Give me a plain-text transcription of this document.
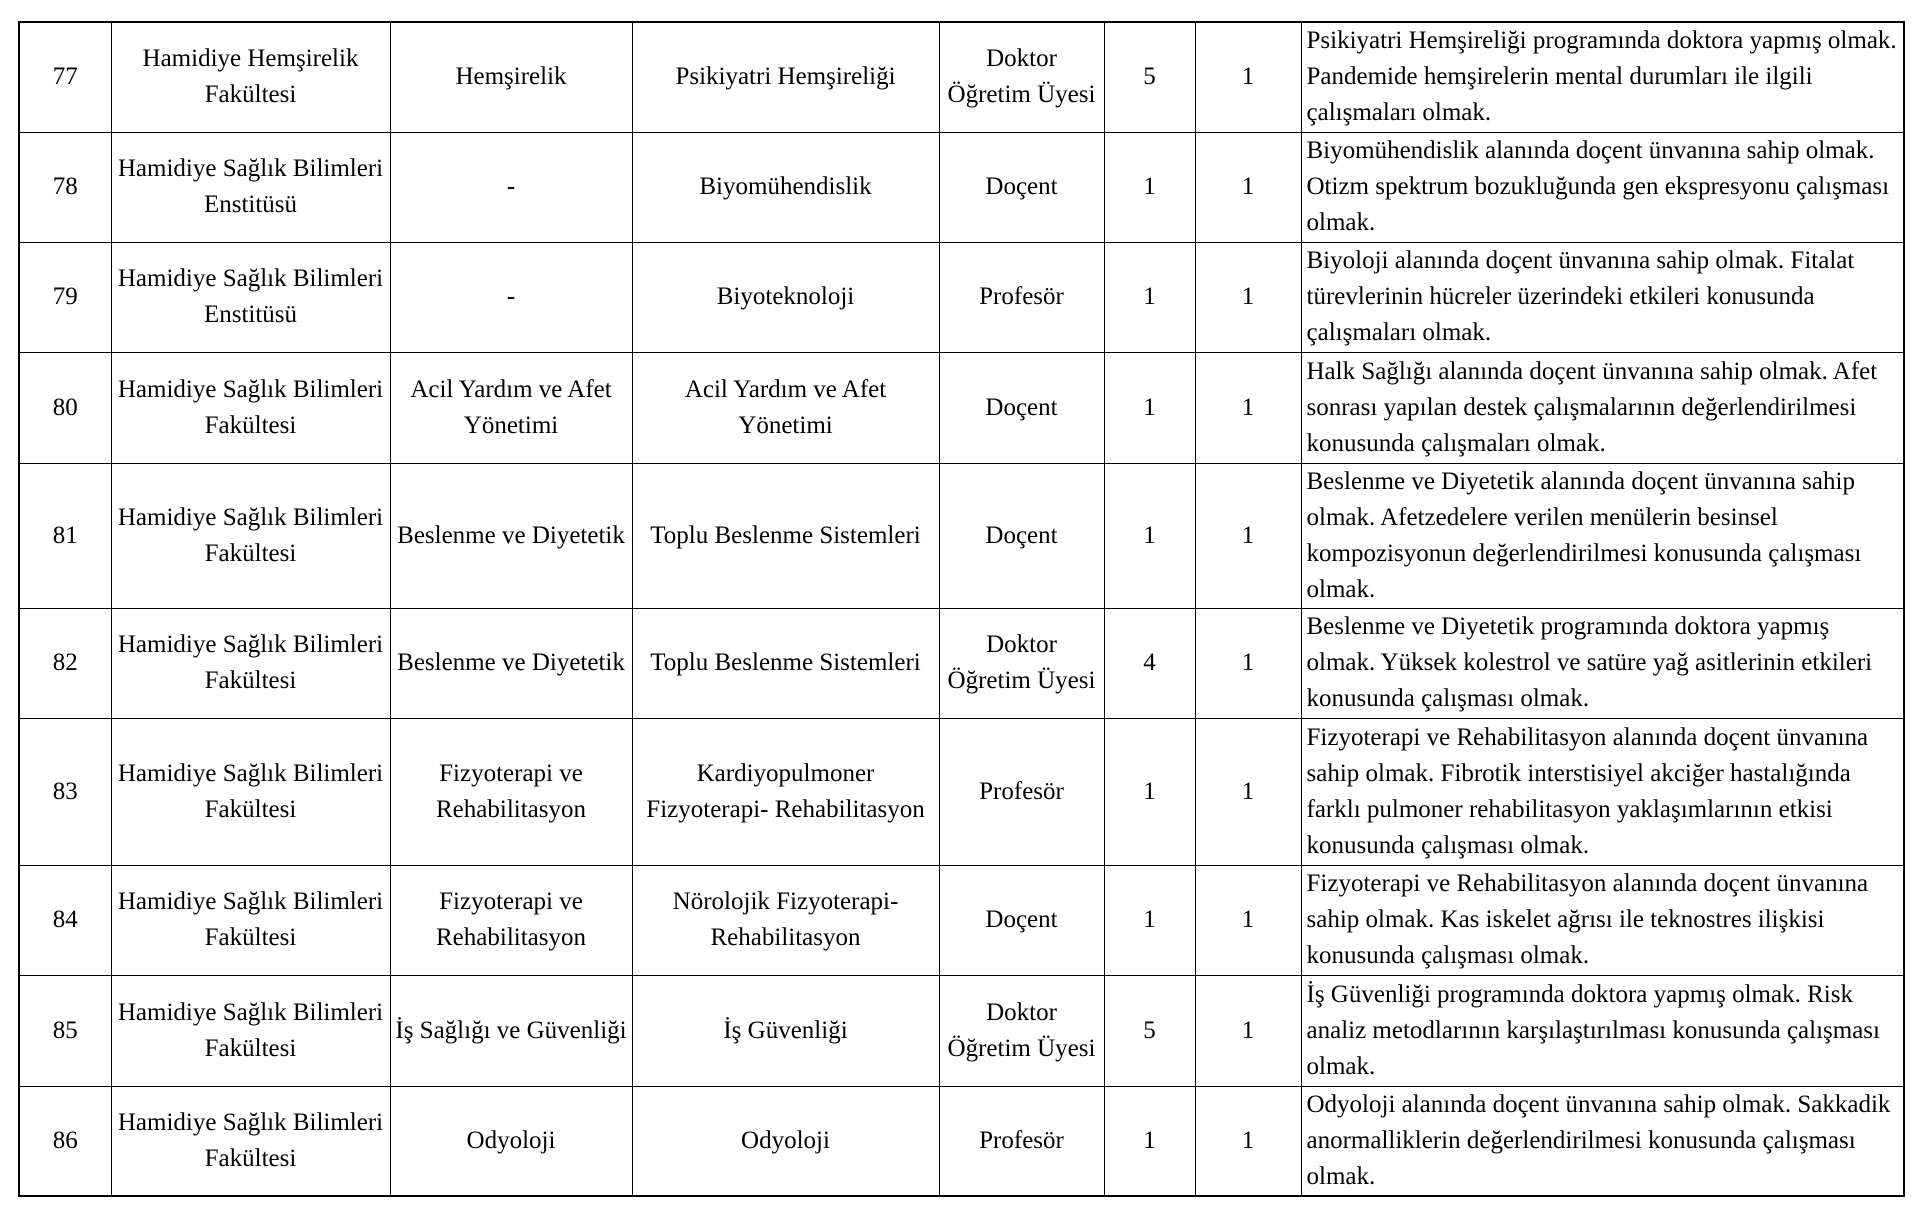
77	Hamidiye Hemşirelik Fakültesi	Hemşirelik	Psikiyatri Hemşireliği	Doktor Öğretim Üyesi	5	1	Psikiyatri Hemşireliği programında doktora yapmış olmak. Pandemide hemşirelerin mental durumları ile ilgili çalışmaları olmak.
78	Hamidiye Sağlık Bilimleri Enstitüsü	-	Biyomühendislik	Doçent	1	1	Biyomühendislik alanında doçent ünvanına sahip olmak. Otizm spektrum bozukluğunda gen ekspresyonu çalışması olmak.
79	Hamidiye Sağlık Bilimleri Enstitüsü	-	Biyoteknoloji	Profesör	1	1	Biyoloji alanında doçent ünvanına sahip olmak. Fitalat türevlerinin hücreler üzerindeki etkileri konusunda çalışmaları olmak.
80	Hamidiye Sağlık Bilimleri Fakültesi	Acil Yardım ve Afet Yönetimi	Acil Yardım ve Afet Yönetimi	Doçent	1	1	Halk Sağlığı alanında doçent ünvanına sahip olmak. Afet sonrası yapılan destek çalışmalarının değerlendirilmesi konusunda çalışmaları olmak.
81	Hamidiye Sağlık Bilimleri Fakültesi	Beslenme ve Diyetetik	Toplu Beslenme Sistemleri	Doçent	1	1	Beslenme ve Diyetetik alanında doçent ünvanına sahip olmak. Afetzedelere verilen menülerin besinsel kompozisyonun değerlendirilmesi konusunda çalışması olmak.
82	Hamidiye Sağlık Bilimleri Fakültesi	Beslenme ve Diyetetik	Toplu Beslenme Sistemleri	Doktor Öğretim Üyesi	4	1	Beslenme ve Diyetetik programında doktora yapmış olmak. Yüksek kolestrol ve satüre yağ asitlerinin etkileri konusunda çalışması olmak.
83	Hamidiye Sağlık Bilimleri Fakültesi	Fizyoterapi ve Rehabilitasyon	Kardiyopulmoner Fizyoterapi- Rehabilitasyon	Profesör	1	1	Fizyoterapi ve Rehabilitasyon alanında doçent ünvanına sahip olmak. Fibrotik interstisiyel akciğer hastalığında farklı pulmoner rehabilitasyon yaklaşımlarının etkisi konusunda çalışması olmak.
84	Hamidiye Sağlık Bilimleri Fakültesi	Fizyoterapi ve Rehabilitasyon	Nörolojik Fizyoterapi- Rehabilitasyon	Doçent	1	1	Fizyoterapi ve Rehabilitasyon alanında doçent ünvanına sahip olmak. Kas iskelet ağrısı ile teknostres ilişkisi konusunda çalışması olmak.
85	Hamidiye Sağlık Bilimleri Fakültesi	İş Sağlığı ve Güvenliği	İş Güvenliği	Doktor Öğretim Üyesi	5	1	İş Güvenliği programında doktora yapmış olmak. Risk analiz metodlarının karşılaştırılması konusunda çalışması olmak.
86	Hamidiye Sağlık Bilimleri Fakültesi	Odyoloji	Odyoloji	Profesör	1	1	Odyoloji alanında doçent ünvanına sahip olmak. Sakkadik anormalliklerin değerlendirilmesi konusunda çalışması olmak.
